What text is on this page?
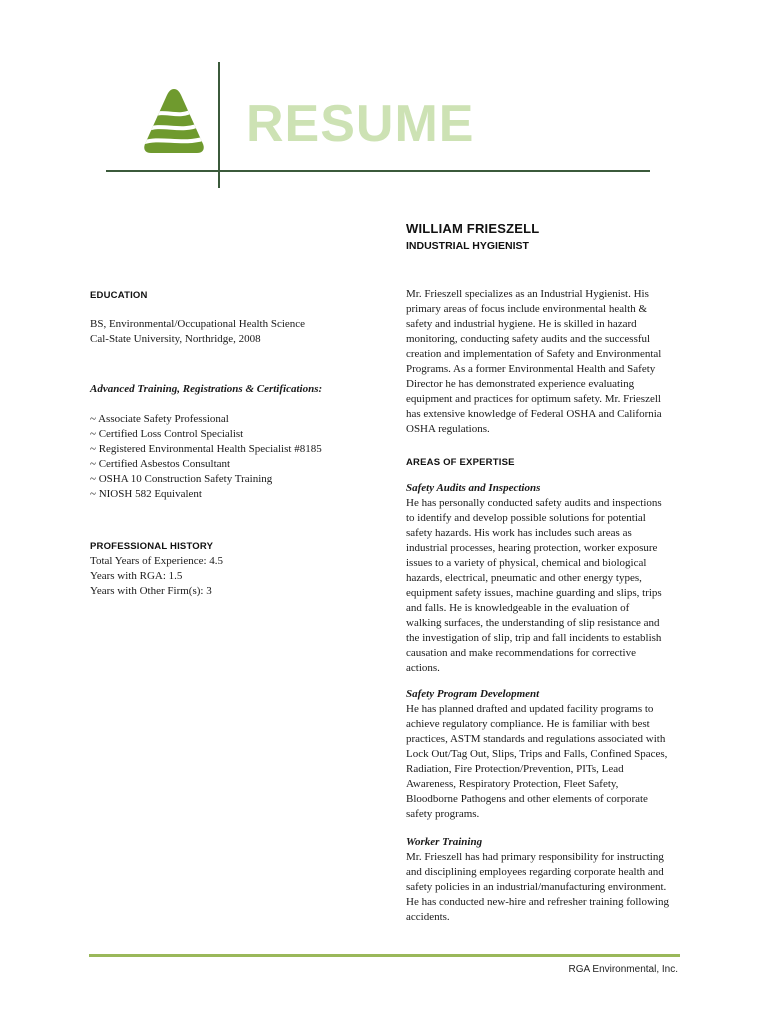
RESUME
WILLIAM FRIESZELL
INDUSTRIAL HYGIENIST
EDUCATION
BS, Environmental/Occupational Health Science
Cal-State University, Northridge, 2008
Advanced Training, Registrations & Certifications:
~ Associate Safety Professional
~ Certified Loss Control Specialist
~ Registered Environmental Health Specialist #8185
~ Certified Asbestos Consultant
~ OSHA 10 Construction Safety Training
~ NIOSH 582 Equivalent
PROFESSIONAL HISTORY
Total Years of Experience: 4.5
Years with RGA: 1.5
Years with Other Firm(s): 3
Mr. Frieszell specializes as an Industrial Hygienist. His
primary areas of focus include environmental health &
safety and industrial hygiene. He is skilled in hazard
monitoring, conducting safety audits and the successful
creation and implementation of Safety and Environmental
Programs. As a former Environmental Health and Safety
Director he has demonstrated experience evaluating
equipment and practices for optimum safety. Mr. Frieszell
has extensive knowledge of Federal OSHA and California
OSHA regulations.
AREAS OF EXPERTISE
Safety Audits and Inspections
He has personally conducted safety audits and inspections
to identify and develop possible solutions for potential
safety hazards. His work has includes such areas as
industrial processes, hearing protection, worker exposure
issues to a variety of physical, chemical and biological
hazards, electrical, pneumatic and other energy types,
equipment safety issues, machine guarding and slips, trips
and falls. He is knowledgeable in the evaluation of
walking surfaces, the understanding of slip resistance and
the investigation of slip, trip and fall incidents to establish
causation and make recommendations for corrective
actions.
Safety Program Development
He has planned drafted and updated facility programs to
achieve regulatory compliance. He is familiar with best
practices, ASTM standards and regulations associated with
Lock Out/Tag Out, Slips, Trips and Falls, Confined Spaces,
Radiation, Fire Protection/Prevention, PITs, Lead
Awareness, Respiratory Protection, Fleet Safety,
Bloodborne Pathogens and other elements of corporate
safety programs.
Worker Training
Mr. Frieszell has had primary responsibility for instructing
and disciplining employees regarding corporate health and
safety policies in an industrial/manufacturing environment.
He has conducted new-hire and refresher training following
accidents.
RGA Environmental, Inc.
